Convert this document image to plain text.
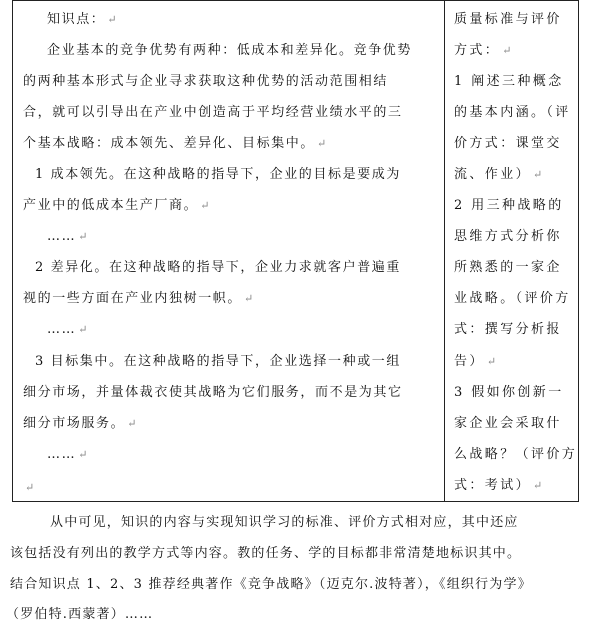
知识点： ↵
企业基本的竞争优势有两种：低成本和差异化。竞争优势
的两种基本形式与企业寻求获取这种优势的活动范围相结
合，就可以引导出在产业中创造高于平均经营业绩水平的三
个基本战略：成本领先、差异化、目标集中。 ↵
1 成本领先。在这种战略的指导下，企业的目标是要成为
产业中的低成本生产厂商。 ↵
…… ↵
2 差异化。在这种战略的指导下，企业力求就客户普遍重
视的一些方面在产业内独树一帜。 ↵
…… ↵
3 目标集中。在这种战略的指导下，企业选择一种或一组
细分市场，并量体裁衣使其战略为它们服务，而不是为其它
细分市场服务。 ↵
…… ↵
↵
质量标准与评价
方式： ↵
1 阐述三种概念
的基本内涵。（评
价方式：课堂交
流、作业） ↵
2 用三种战略的
思维方式分析你
所熟悉的一家企
业战略。（评价方
式：撰写分析报
告） ↵
3 假如你创新一
家企业会采取什
么战略？（评价方
式：考试） ↵
从中可见，知识的内容与实现知识学习的标准、评价方式相对应，其中还应
该包括没有列出的教学方式等内容。教的任务、学的目标都非常清楚地标识其中。
结合知识点 1、2、3 推荐经典著作《竞争战略》（迈克尔.波特著），《组织行为学》
（罗伯特.西蒙著）……
